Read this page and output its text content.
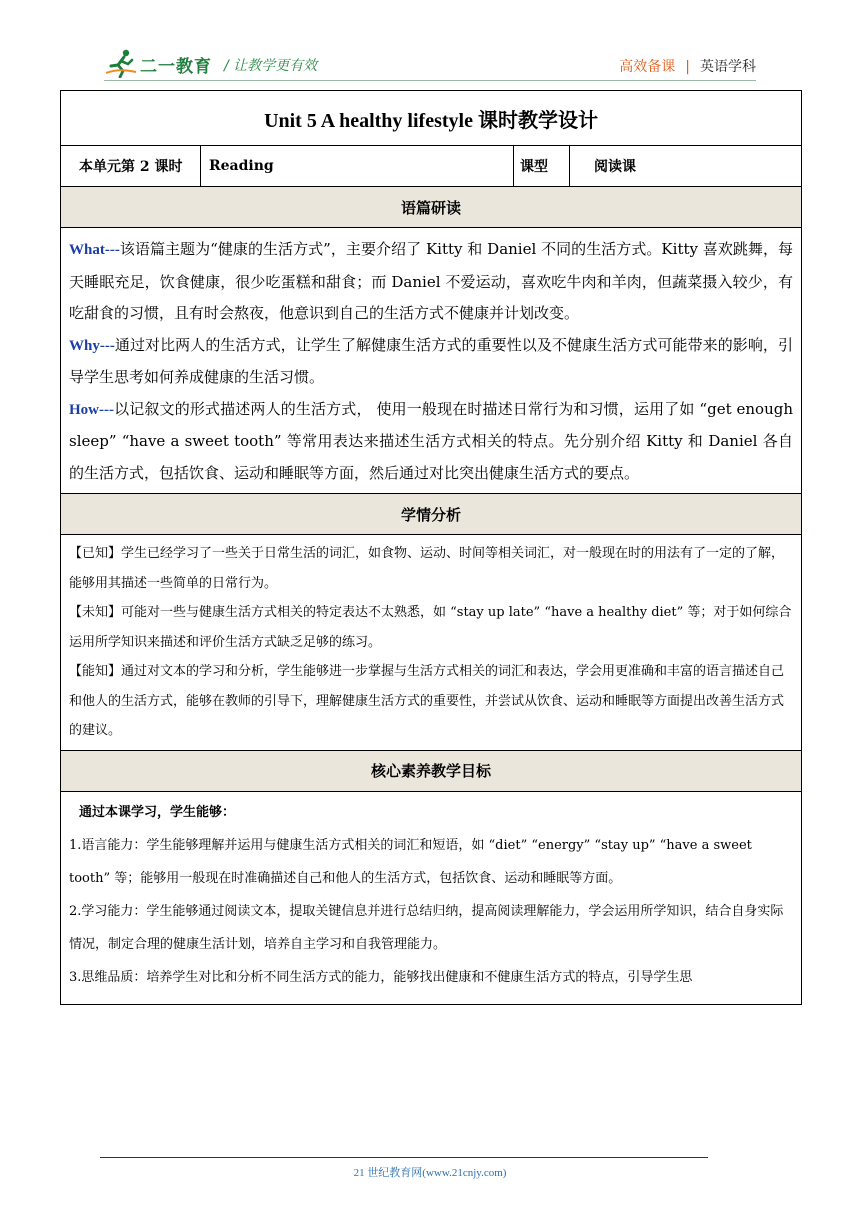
二一教育 / 让教学更有效	高效备课 | 英语学科
Unit 5 A healthy lifestyle 课时教学设计
本单元第 2 课时	Reading	课型	阅读课
语篇研读

What---该语篇主题为“健康的生活方式”，主要介绍了 Kitty 和 Daniel 不同的生活方式。Kitty 喜欢跳舞，每天睡眠充足，饮食健康，很少吃蛋糕和甜食；而 Daniel 不爱运动，喜欢吃牛肉和羊肉，但蔬菜摄入较少，有吃甜食的习惯，且有时会熬夜，他意识到自己的生活方式不健康并计划改变。

Why---通过对比两人的生活方式，让学生了解健康生活方式的重要性以及不健康生活方式可能带来的影响，引导学生思考如何养成健康的生活习惯。

How---以记叙文的形式描述两人的生活方式， 使用一般现在时描述日常行为和习惯，运用了如 “get enough sleep” “have a sweet tooth” 等常用表达来描述生活方式相关的特点。先分别介绍 Kitty 和 Daniel 各自的生活方式，包括饮食、运动和睡眠等方面，然后通过对比突出健康生活方式的要点。

学情分析

【已知】学生已经学习了一些关于日常生活的词汇，如食物、运动、时间等相关词汇，对一般现在时的用法有了一定的了解，能够用其描述一些简单的日常行为。

【未知】可能对一些与健康生活方式相关的特定表达不太熟悉，如 “stay up late” “have a healthy diet” 等；对于如何综合运用所学知识来描述和评价生活方式缺乏足够的练习。

【能知】通过对文本的学习和分析，学生能够进一步掌握与生活方式相关的词汇和表达，学会用更准确和丰富的语言描述自己和他人的生活方式，能够在教师的引导下，理解健康生活方式的重要性，并尝试从饮食、运动和睡眠等方面提出改善生活方式的建议。

核心素养教学目标

通过本课学习，学生能够：

1.语言能力：学生能够理解并运用与健康生活方式相关的词汇和短语，如 “diet” “energy” “stay up” “have a sweet tooth” 等；能够用一般现在时准确描述自己和他人的生活方式，包括饮食、运动和睡眠等方面。

2.学习能力：学生能够通过阅读文本，提取关键信息并进行总结归纳，提高阅读理解能力，学会运用所学知识，结合自身实际情况，制定合理的健康生活计划，培养自主学习和自我管理能力。

3.思维品质：培养学生对比和分析不同生活方式的能力，能够找出健康和不健康生活方式的特点，引导学生思

21 世纪教育网(www.21cnjy.com)
